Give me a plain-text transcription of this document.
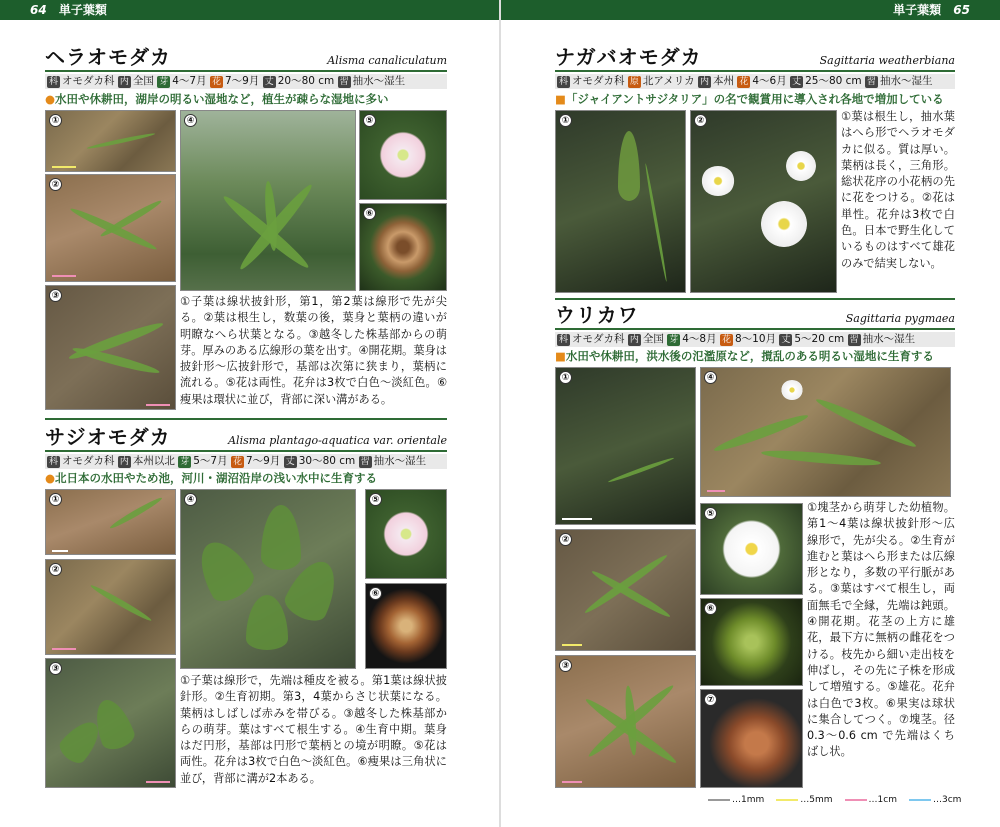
64 単子葉類	単子葉類 65
ヘラオモダカ	Alisma canaliculatum
科 オモダカ科 内 全国 芽 4～7月 花 7～9月 丈 20～80 cm 習 抽水～湿生
●水田や休耕田，湖岸の明るい湿地など，植生が疎らな湿地に多い
①
②
③
④	⑤
⑥
①子葉は線状披針形，第1，第2葉は線形で先が尖る。②葉は根生し，数葉の後，葉身と葉柄の違いが明瞭なへら状葉となる。③越冬した株基部からの萌芽。厚みのある広線形の葉を出す。④開花期。葉身は披針形～広披針形で，基部は次第に狭まり，葉柄に流れる。⑤花は両性。花弁は3枚で白色～淡紅色。⑥瘦果は環状に並び，背部に深い溝がある。
サジオモダカ	Alisma plantago-aquatica var. orientale
科 オモダカ科 内 本州以北 芽 5～7月 花 7～9月 丈 30～80 cm 習 抽水～湿生
●北日本の水田やため池，河川・湖沼沿岸の浅い水中に生育する
①
②
③
④	⑤
⑥
①子葉は線形で，先端は種皮を被る。第1葉は線状披針形。②生育初期。第3，4葉からさじ状葉になる。葉柄はしばしば赤みを帯びる。③越冬した株基部からの萌芽。葉はすべて根生する。④生育中期。葉身はだ円形，基部は円形で葉柄との境が明瞭。⑤花は両性。花弁は3枚で白色～淡紅色。⑥瘦果は三角状に並び，背部に溝が2本ある。
ナガバオモダカ	Sagittaria weatherbiana
科 オモダカ科 原 北アメリカ 内 本州 花 4～6月 丈 25～80 cm 習 抽水～湿生
■「ジャイアントサジタリア」の名で観賞用に導入され各地で増加している
①	②	①葉は根生し，抽水葉はへら形でヘラオモダカに似る。質は厚い。葉柄は長く，三角形。総状花序の小花柄の先に花をつける。②花は単性。花弁は3枚で白色。日本で野生化しているものはすべて雄花のみで結実しない。
ウリカワ	Sagittaria pygmaea
科 オモダカ科 内 全国 芽 4～8月 花 8～10月 丈 5～20 cm 習 抽水～湿生
■水田や休耕田，洪水後の氾濫原など，撹乱のある明るい湿地に生育する
①
②
③
④
⑤
⑥
⑦
①塊茎から萌芽した幼植物。第1～4葉は線状披針形～広線形で，先が尖る。②生育が進むと葉はへら形または広線形となり，多数の平行脈がある。③葉はすべて根生し，両面無毛で全縁，先端は鈍頭。④開花期。花茎の上方に雄花，最下方に無柄の雌花をつける。枝先から細い走出枝を伸ばし，その先に子株を形成して増殖する。⑤雄花。花弁は白色で3枚。⑥果実は球状に集合してつく。⑦塊茎。径 0.3～0.6 cm で先端はくちばし状。
…1mm	…5mm	…1cm	…3cm
